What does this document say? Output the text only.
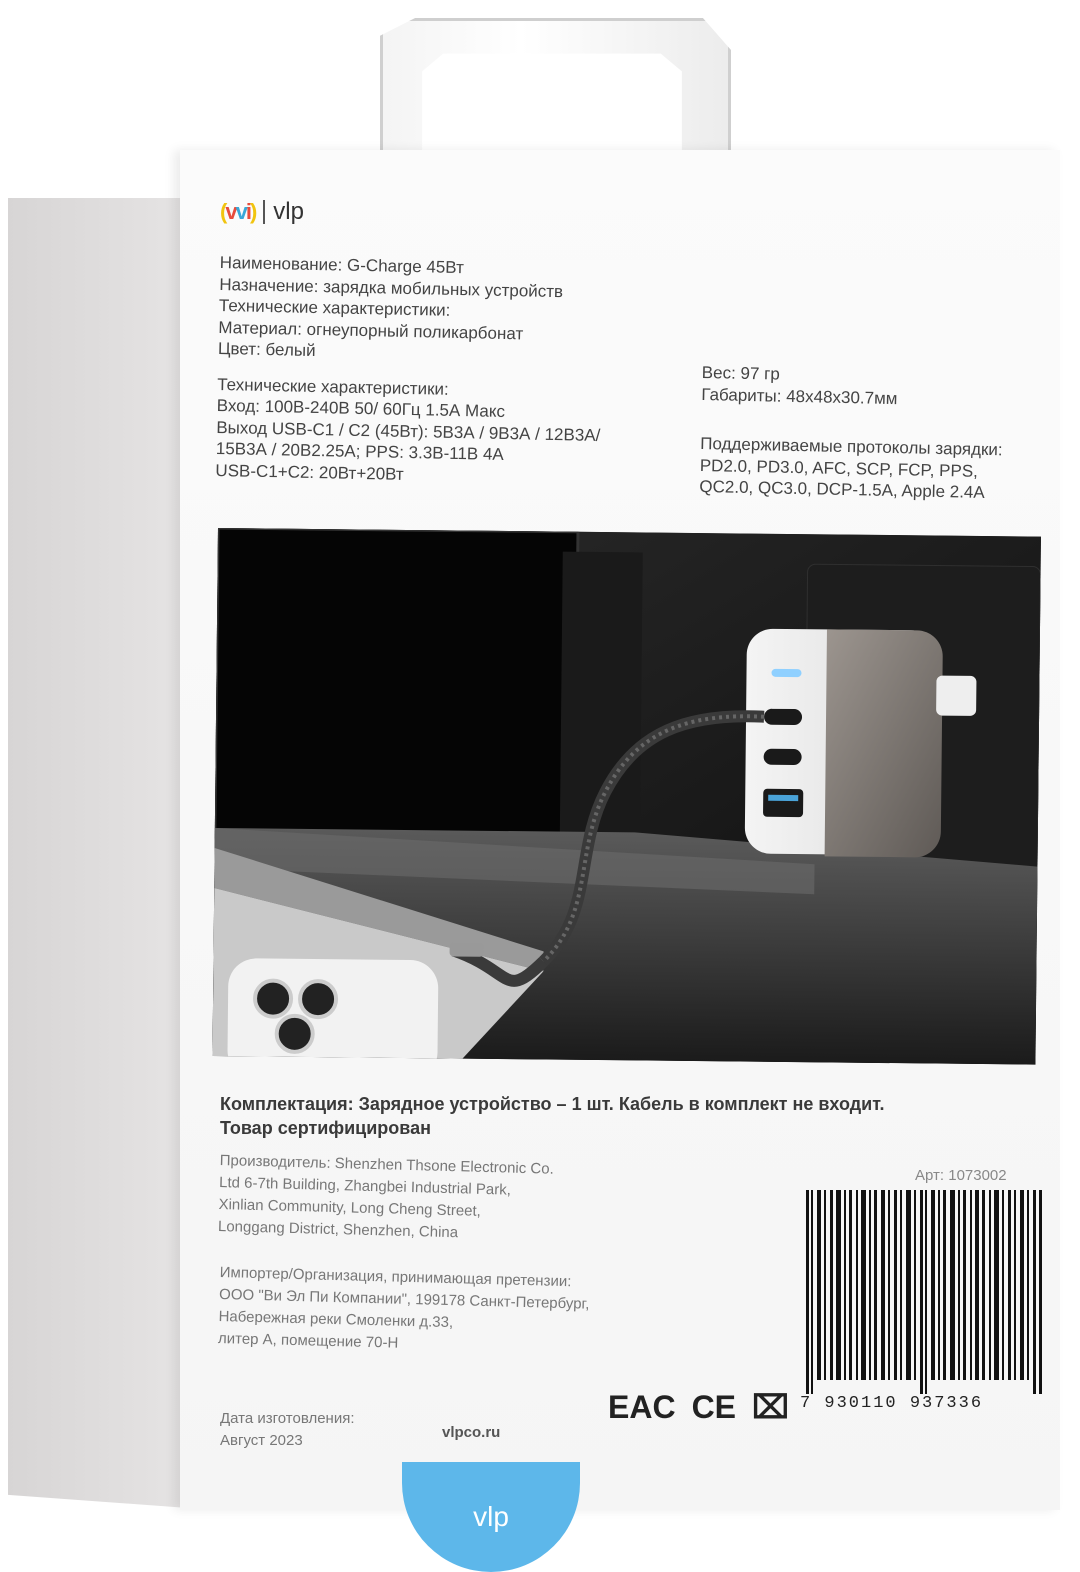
(vvi) vlp
Наименование: G-Charge 45Вт
Назначение: зарядка мобильных устройств
Технические характеристики:
Материал: огнеупорный поликарбонат
Цвет: белый
Технические характеристики:
Вход: 100В-240В 50/ 60Гц 1.5А Макс
Выход USB-C1 / C2 (45Вт): 5В3А / 9В3А / 12В3А/
15В3А / 20В2.25А; PPS: 3.3В-11В 4А
USB-C1+C2: 20Вт+20Вт
Вес: 97 гр
Габариты: 48х48х30.7мм
Поддерживаемые протоколы зарядки:
PD2.0, PD3.0, AFC, SCP, FCP, PPS,
QC2.0, QC3.0, DCP-1.5A, Apple 2.4A
Комплектация: Зарядное устройство – 1 шт. Кабель в комплект не входит.
Товар сертифицирован
Производитель: Shenzhen Thsone Electronic Co.
Ltd 6-7th Building, Zhangbei Industrial Park,
Xinlian Community, Long Cheng Street,
Longgang District, Shenzhen, China
Импортер/Организация, принимающая претензии:
ООО "Ви Эл Пи Компании", 199178 Санкт-Петербург,
Набережная реки Смоленки д.33,
литер А, помещение 70-Н
Дата изготовления:
Август 2023	vlpco.ru
EAC CE ⌧
Арт: 1073002
7 930110 937336
vlp
